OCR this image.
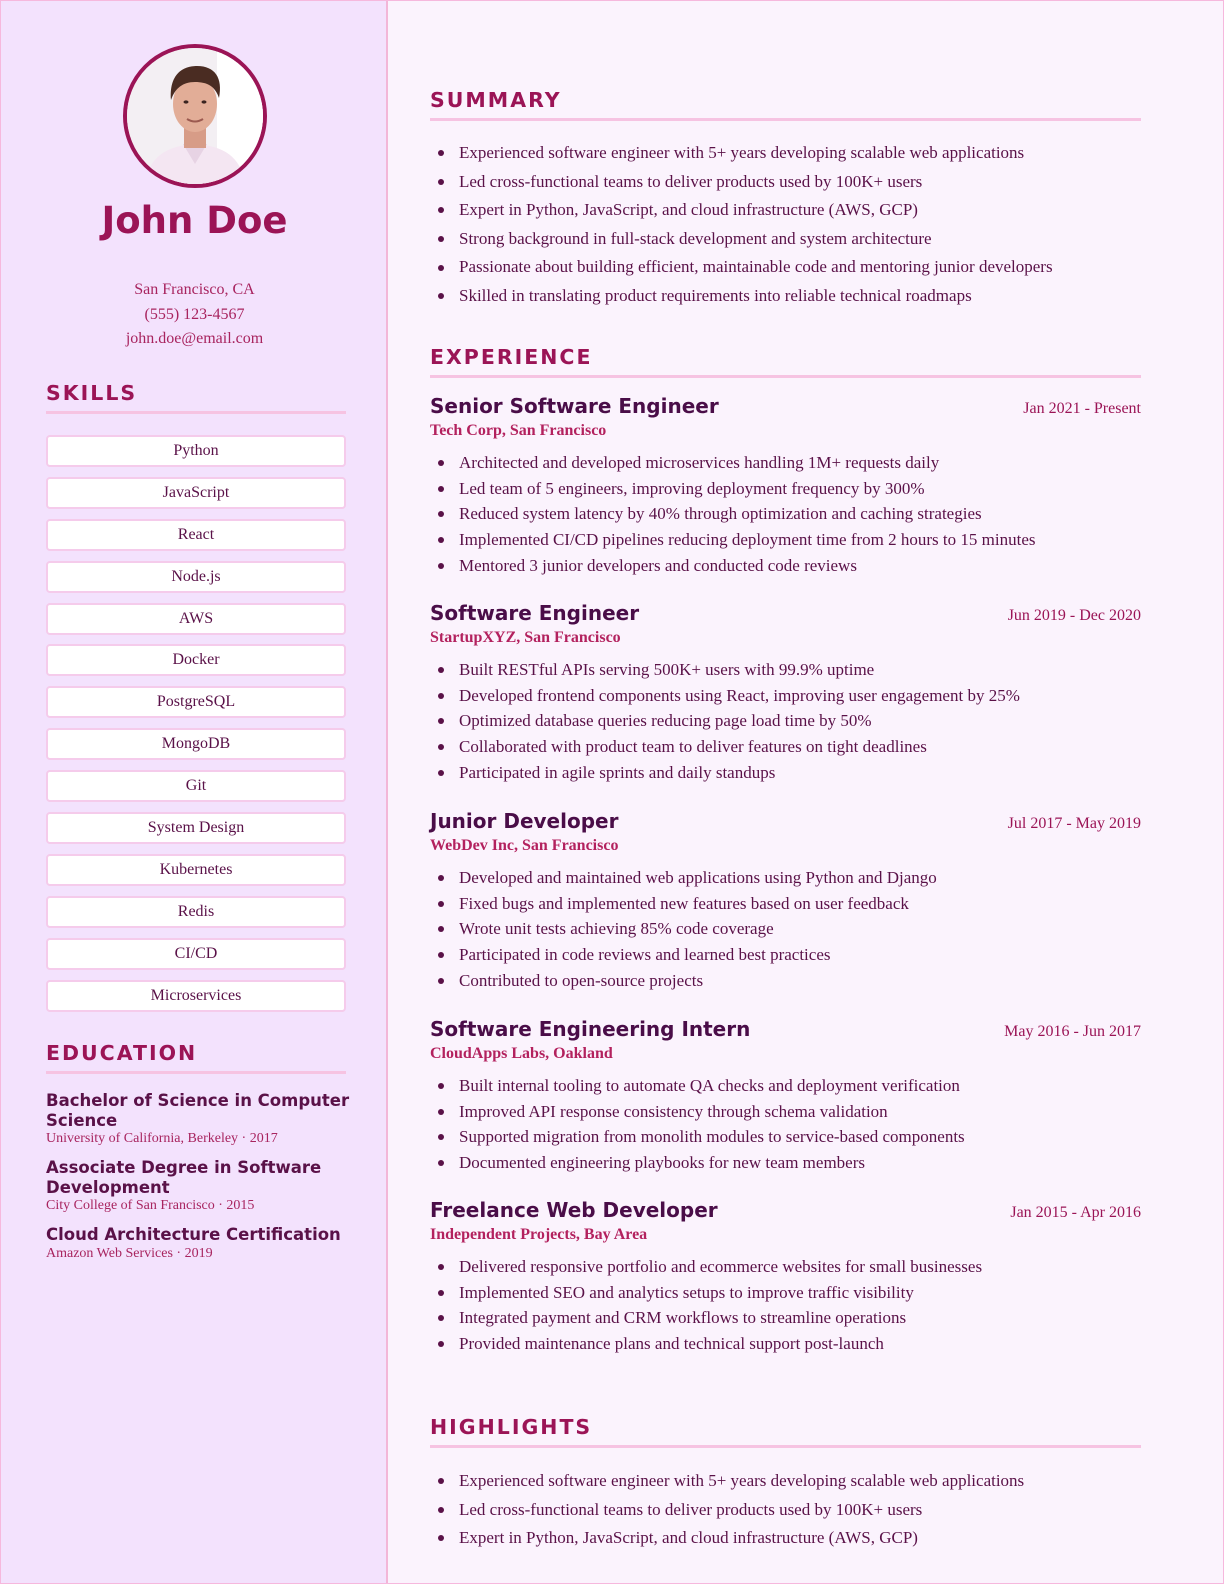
John Doe
San Francisco, CA
(555) 123-4567
john.doe@email.com
SKILLS
Python
JavaScript
React
Node.js
AWS
Docker
PostgreSQL
MongoDB
Git
System Design
Kubernetes
Redis
CI/CD
Microservices
EDUCATION
Bachelor of Science in Computer Science
University of California, Berkeley · 2017
Associate Degree in Software Development
City College of San Francisco · 2015
Cloud Architecture Certification
Amazon Web Services · 2019
SUMMARY
Experienced software engineer with 5+ years developing scalable web applications
Led cross-functional teams to deliver products used by 100K+ users
Expert in Python, JavaScript, and cloud infrastructure (AWS, GCP)
Strong background in full-stack development and system architecture
Passionate about building efficient, maintainable code and mentoring junior developers
Skilled in translating product requirements into reliable technical roadmaps
EXPERIENCE
Senior Software Engineer	Jan 2021 - Present
Tech Corp, San Francisco
Architected and developed microservices handling 1M+ requests daily
Led team of 5 engineers, improving deployment frequency by 300%
Reduced system latency by 40% through optimization and caching strategies
Implemented CI/CD pipelines reducing deployment time from 2 hours to 15 minutes
Mentored 3 junior developers and conducted code reviews
Software Engineer	Jun 2019 - Dec 2020
StartupXYZ, San Francisco
Built RESTful APIs serving 500K+ users with 99.9% uptime
Developed frontend components using React, improving user engagement by 25%
Optimized database queries reducing page load time by 50%
Collaborated with product team to deliver features on tight deadlines
Participated in agile sprints and daily standups
Junior Developer	Jul 2017 - May 2019
WebDev Inc, San Francisco
Developed and maintained web applications using Python and Django
Fixed bugs and implemented new features based on user feedback
Wrote unit tests achieving 85% code coverage
Participated in code reviews and learned best practices
Contributed to open-source projects
Software Engineering Intern	May 2016 - Jun 2017
CloudApps Labs, Oakland
Built internal tooling to automate QA checks and deployment verification
Improved API response consistency through schema validation
Supported migration from monolith modules to service-based components
Documented engineering playbooks for new team members
Freelance Web Developer	Jan 2015 - Apr 2016
Independent Projects, Bay Area
Delivered responsive portfolio and ecommerce websites for small businesses
Implemented SEO and analytics setups to improve traffic visibility
Integrated payment and CRM workflows to streamline operations
Provided maintenance plans and technical support post-launch
HIGHLIGHTS
Experienced software engineer with 5+ years developing scalable web applications
Led cross-functional teams to deliver products used by 100K+ users
Expert in Python, JavaScript, and cloud infrastructure (AWS, GCP)
